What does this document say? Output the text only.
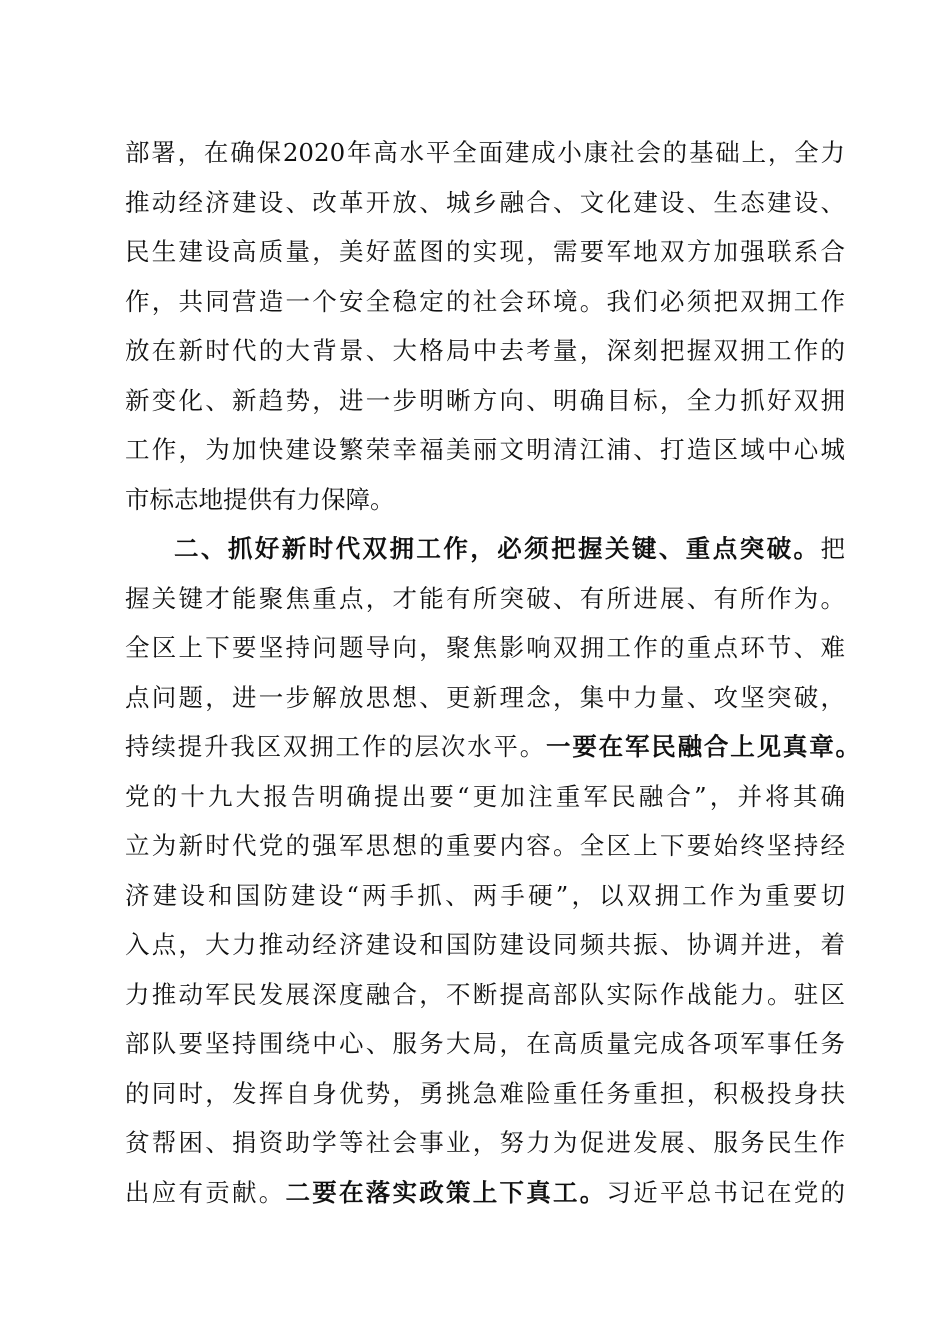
部署，在确保2020年高水平全面建成小康社会的基础上，全力
推动经济建设、改革开放、城乡融合、文化建设、生态建设、
民生建设高质量，美好蓝图的实现，需要军地双方加强联系合
作，共同营造一个安全稳定的社会环境。我们必须把双拥工作
放在新时代的大背景、大格局中去考量，深刻把握双拥工作的
新变化、新趋势，进一步明晰方向、明确目标，全力抓好双拥
工作，为加快建设繁荣幸福美丽文明清江浦、打造区域中心城
市标志地提供有力保障。
二、抓好新时代双拥工作，必须把握关键、重点突破。把
握关键才能聚焦重点，才能有所突破、有所进展、有所作为。
全区上下要坚持问题导向，聚焦影响双拥工作的重点环节、难
点问题，进一步解放思想、更新理念，集中力量、攻坚突破，
持续提升我区双拥工作的层次水平。一要在军民融合上见真章。
党的十九大报告明确提出要“更加注重军民融合”，并将其确
立为新时代党的强军思想的重要内容。全区上下要始终坚持经
济建设和国防建设“两手抓、两手硬”，以双拥工作为重要切
入点，大力推动经济建设和国防建设同频共振、协调并进，着
力推动军民发展深度融合，不断提高部队实际作战能力。驻区
部队要坚持围绕中心、服务大局，在高质量完成各项军事任务
的同时，发挥自身优势，勇挑急难险重任务重担，积极投身扶
贫帮困、捐资助学等社会事业，努力为促进发展、服务民生作
出应有贡献。二要在落实政策上下真工。习近平总书记在党的
